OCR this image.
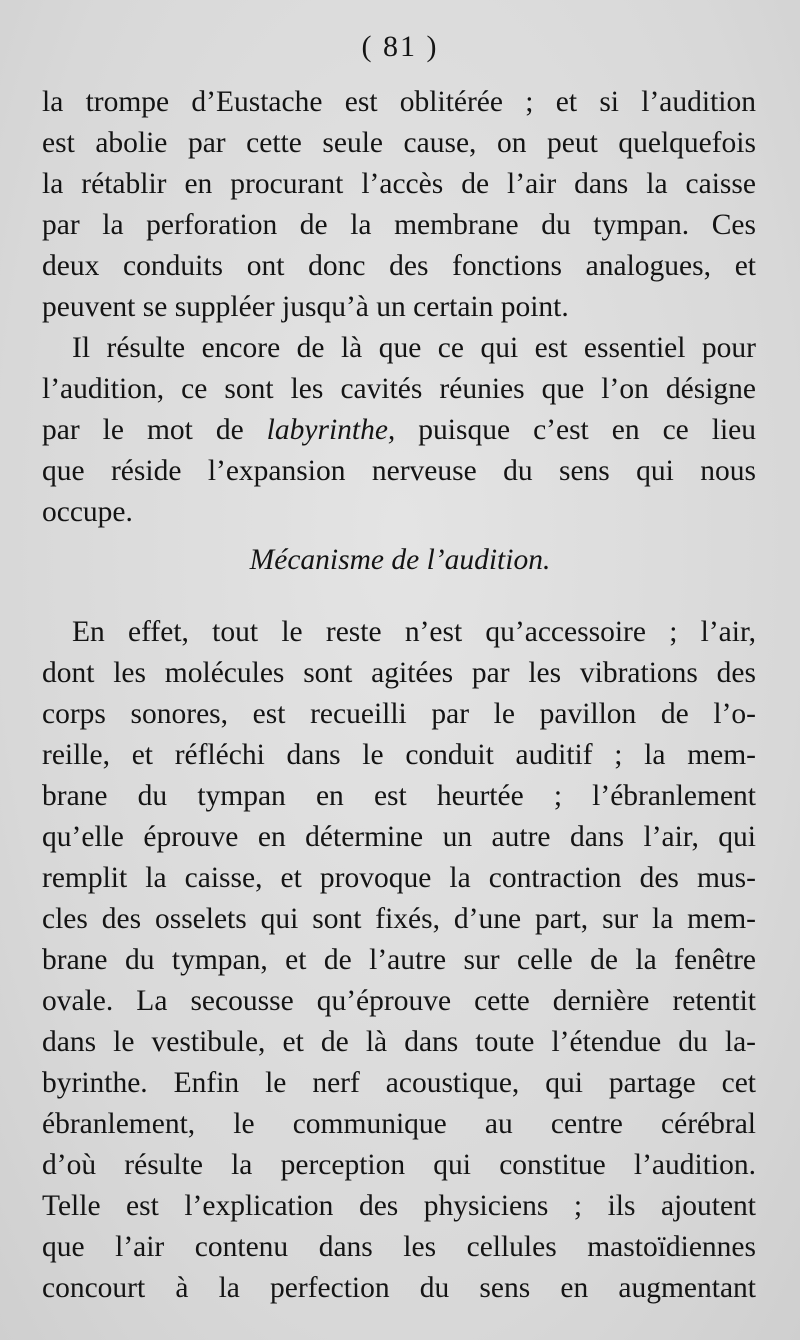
( 81 )
la trompe d’Eustache est oblitérée ; et si l’audition
est abolie par cette seule cause, on peut quelquefois
la rétablir en procurant l’accès de l’air dans la caisse
par la perforation de la membrane du tympan. Ces
deux conduits ont donc des fonctions analogues, et
peuvent se suppléer jusqu’à un certain point.
Il résulte encore de là que ce qui est essentiel pour
l’audition, ce sont les cavités réunies que l’on désigne
par le mot de labyrinthe, puisque c’est en ce lieu
que réside l’expansion nerveuse du sens qui nous
occupe.
Mécanisme de l’audition.
En effet, tout le reste n’est qu’accessoire ; l’air,
dont les molécules sont agitées par les vibrations des
corps sonores, est recueilli par le pavillon de l’o-
reille, et réfléchi dans le conduit auditif ; la mem-
brane du tympan en est heurtée ; l’ébranlement
qu’elle éprouve en détermine un autre dans l’air, qui
remplit la caisse, et provoque la contraction des mus-
cles des osselets qui sont fixés, d’une part, sur la mem-
brane du tympan, et de l’autre sur celle de la fenêtre
ovale. La secousse qu’éprouve cette dernière retentit
dans le vestibule, et de là dans toute l’étendue du la-
byrinthe. Enfin le nerf acoustique, qui partage cet
ébranlement, le communique au centre cérébral
d’où résulte la perception qui constitue l’audition.
Telle est l’explication des physiciens ; ils ajoutent
que l’air contenu dans les cellules mastoïdiennes
concourt à la perfection du sens en augmentant
